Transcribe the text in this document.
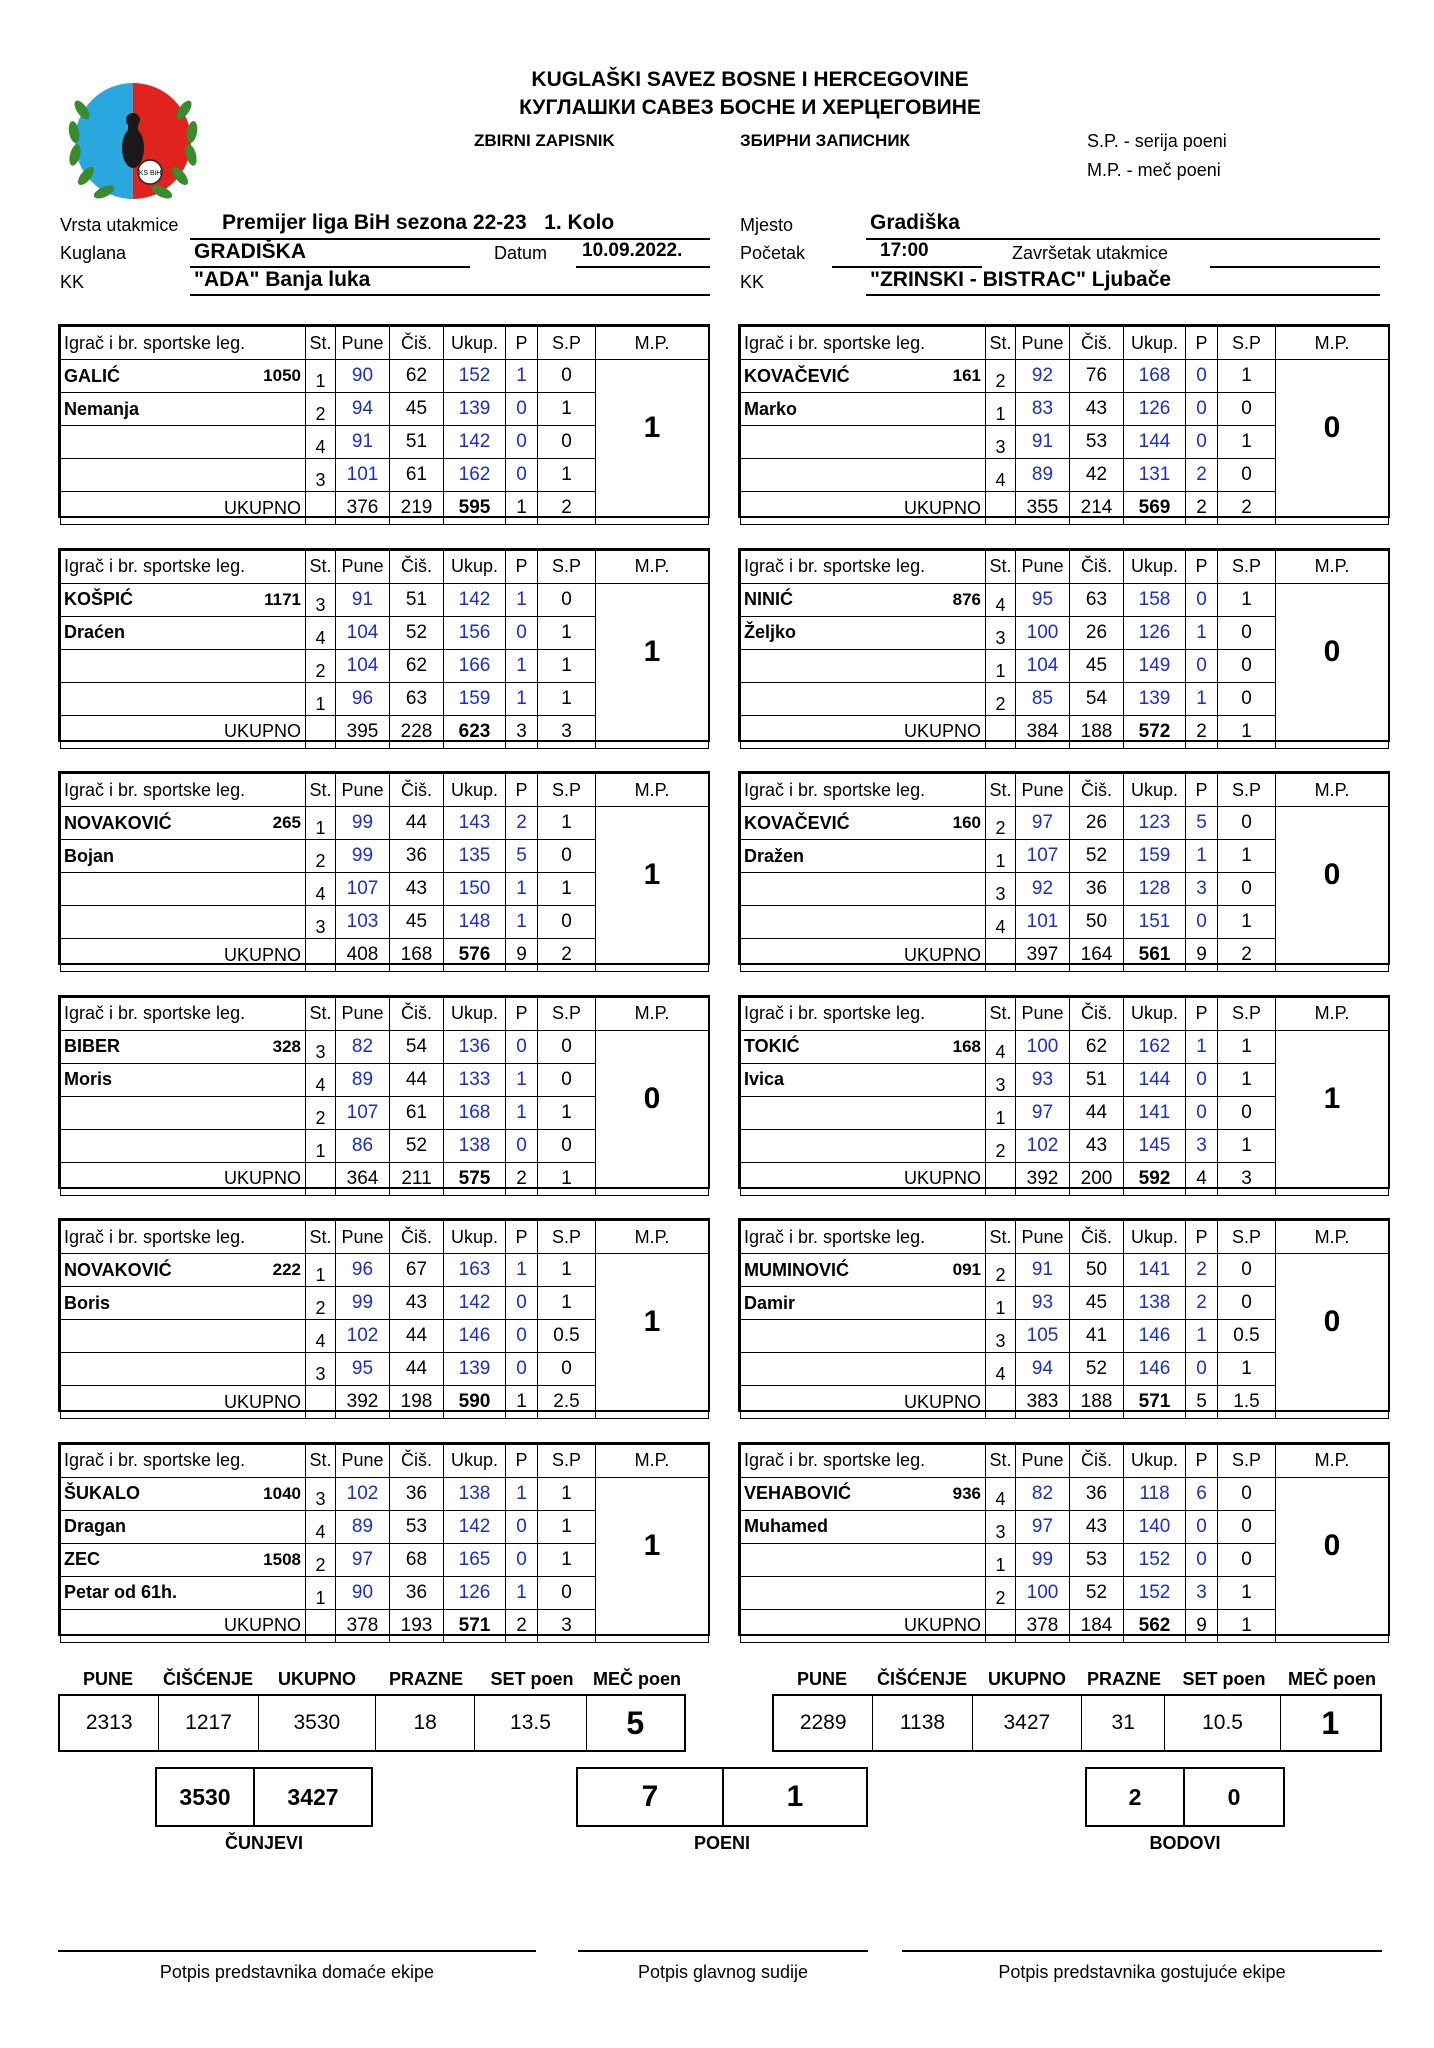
KS BiH
KUGLAŠKI SAVEZ BOSNE I HERCEGOVINE
КУГЛАШКИ САВЕЗ БОСНЕ И ХЕРЦЕГОВИНЕ
ZBIRNI ZAPISNIK	ЗБИРНИ ЗАПИСНИК	S.P. - serija poeni
M.P. - meč poeni
Vrsta utakmice Premijer liga BiH sezona 22-23   1. Kolo
Kuglana	GRADIŠKA	Datum 10.09.2022.
KK	"ADA" Banja luka
Mjesto	Gradiška
Početak	17:00	Završetak utakmice
KK	"ZRINSKI - BISTRAC" Ljubače
Igrač i br. sportske leg.	St.	Pune	Čiš.	Ukup.	P	S.P	M.P.
GALIĆ 1050	1	90	62	152	1	0	1
Nemanja	2	94	45	139	0	1	
	4	91	51	142	0	0	
	3	101	61	162	0	1	
UKUPNO		376	219	595	1	2	
Igrač i br. sportske leg.	St.	Pune	Čiš.	Ukup.	P	S.P	M.P.
KOVAČEVIĆ 161	2	92	76	168	0	1	0
Marko	1	83	43	126	0	0	
	3	91	53	144	0	1	
	4	89	42	131	2	0	
UKUPNO		355	214	569	2	2	
Igrač i br. sportske leg.	St.	Pune	Čiš.	Ukup.	P	S.P	M.P.
KOŠPIĆ 1171	3	91	51	142	1	0	1
Draćen	4	104	52	156	0	1	
	2	104	62	166	1	1	
	1	96	63	159	1	1	
UKUPNO		395	228	623	3	3	
Igrač i br. sportske leg.	St.	Pune	Čiš.	Ukup.	P	S.P	M.P.
NINIĆ 876	4	95	63	158	0	1	0
Željko	3	100	26	126	1	0	
	1	104	45	149	0	0	
	2	85	54	139	1	0	
UKUPNO		384	188	572	2	1	
Igrač i br. sportske leg.	St.	Pune	Čiš.	Ukup.	P	S.P	M.P.
NOVAKOVIĆ 265	1	99	44	143	2	1	1
Bojan	2	99	36	135	5	0	
	4	107	43	150	1	1	
	3	103	45	148	1	0	
UKUPNO		408	168	576	9	2	
Igrač i br. sportske leg.	St.	Pune	Čiš.	Ukup.	P	S.P	M.P.
KOVAČEVIĆ 160	2	97	26	123	5	0	0
Dražen	1	107	52	159	1	1	
	3	92	36	128	3	0	
	4	101	50	151	0	1	
UKUPNO		397	164	561	9	2	
Igrač i br. sportske leg.	St.	Pune	Čiš.	Ukup.	P	S.P	M.P.
BIBER 328	3	82	54	136	0	0	0
Moris	4	89	44	133	1	0	
	2	107	61	168	1	1	
	1	86	52	138	0	0	
UKUPNO		364	211	575	2	1	
Igrač i br. sportske leg.	St.	Pune	Čiš.	Ukup.	P	S.P	M.P.
TOKIĆ 168	4	100	62	162	1	1	1
Ivica	3	93	51	144	0	1	
	1	97	44	141	0	0	
	2	102	43	145	3	1	
UKUPNO		392	200	592	4	3	
Igrač i br. sportske leg.	St.	Pune	Čiš.	Ukup.	P	S.P	M.P.
NOVAKOVIĆ 222	1	96	67	163	1	1	1
Boris	2	99	43	142	0	1	
	4	102	44	146	0	0.5	
	3	95	44	139	0	0	
UKUPNO		392	198	590	1	2.5	
Igrač i br. sportske leg.	St.	Pune	Čiš.	Ukup.	P	S.P	M.P.
MUMINOVIĆ 091	2	91	50	141	2	0	0
Damir	1	93	45	138	2	0	
	3	105	41	146	1	0.5	
	4	94	52	146	0	1	
UKUPNO		383	188	571	5	1.5	
Igrač i br. sportske leg.	St.	Pune	Čiš.	Ukup.	P	S.P	M.P.
ŠUKALO 1040	3	102	36	138	1	1	1
Dragan	4	89	53	142	0	1	
ZEC 1508	2	97	68	165	0	1	
Petar od 61h.	1	90	36	126	1	0	
UKUPNO		378	193	571	2	3	
Igrač i br. sportske leg.	St.	Pune	Čiš.	Ukup.	P	S.P	M.P.
VEHABOVIĆ 936	4	82	36	118	6	0	0
Muhamed	3	97	43	140	0	0	
	1	99	53	152	0	0	
	2	100	52	152	3	1	
UKUPNO		378	184	562	9	1	
PUNE	ČIŠĆENJE	UKUPNO	PRAZNE	SET poen	MEČ poen
2313	1217	3530	18	13.5	5
PUNE	ČIŠĆENJE	UKUPNO	PRAZNE	SET poen	MEČ poen
2289	1138	3427	31	10.5	1
3530	3427
ČUNJEVI
7	1
POENI
2	0
BODOVI
Potpis predstavnika domaće ekipe	Potpis glavnog sudije	Potpis predstavnika gostujuće ekipe
